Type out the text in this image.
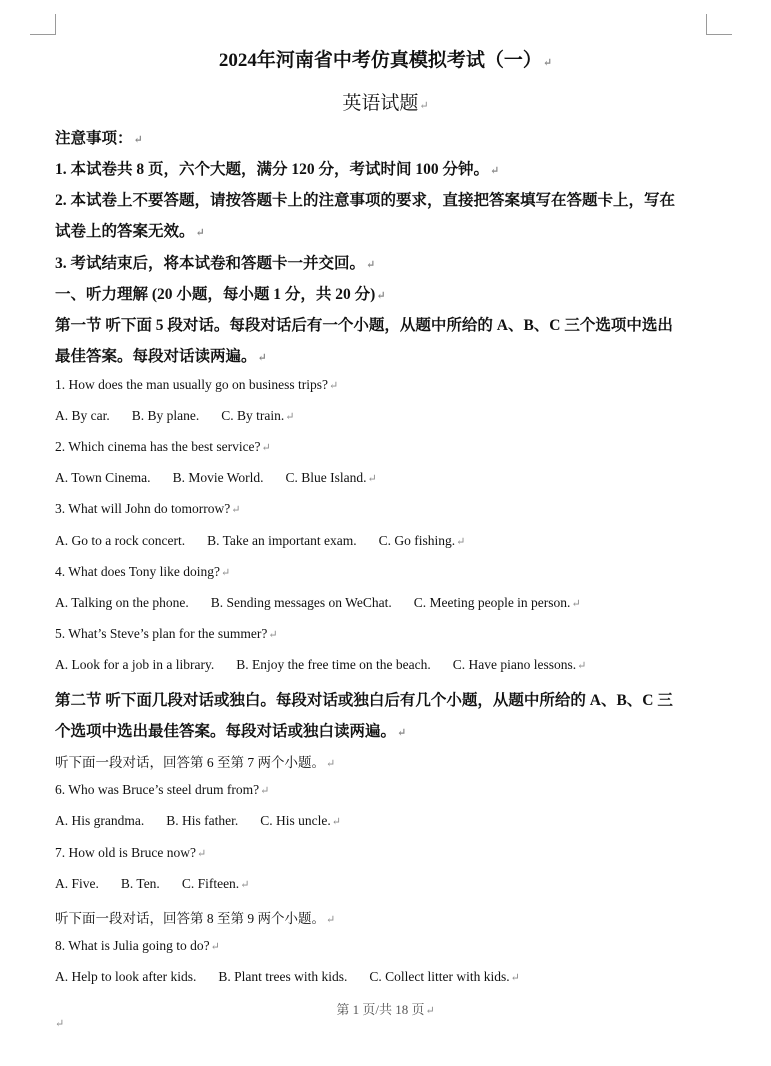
2024年河南省中考仿真模拟考试（一）↵
英语试题↵
注意事项：↵
1. 本试卷共 8 页，六个大题，满分 120 分，考试时间 100 分钟。↵
2. 本试卷上不要答题，请按答题卡上的注意事项的要求，直接把答案填写在答题卡上，写在
试卷上的答案无效。↵
3. 考试结束后，将本试卷和答题卡一并交回。↵
一、听力理解 (20 小题，每小题 1 分，共 20 分)↵
第一节 听下面 5 段对话。每段对话后有一个小题，从题中所给的 A、B、C 三个选项中选出
最佳答案。每段对话读两遍。↵
1. How does the man usually go on business trips?↵
A. By car. B. By plane. C. By train.↵
2. Which cinema has the best service?↵
A. Town Cinema. B. Movie World. C. Blue Island.↵
3. What will John do tomorrow?↵
A. Go to a rock concert. B. Take an important exam. C. Go fishing.↵
4. What does Tony like doing?↵
A. Talking on the phone. B. Sending messages on WeChat. C. Meeting people in person.↵
5. What’s Steve’s plan for the summer?↵
A. Look for a job in a library. B. Enjoy the free time on the beach. C. Have piano lessons.↵
第二节 听下面几段对话或独白。每段对话或独白后有几个小题，从题中所给的 A、B、C 三
个选项中选出最佳答案。每段对话或独白读两遍。↵
听下面一段对话，回答第 6 至第 7 两个小题。↵
6. Who was Bruce’s steel drum from?↵
A. His grandma. B. His father. C. His uncle.↵
7. How old is Bruce now?↵
A. Five. B. Ten. C. Fifteen.↵
听下面一段对话，回答第 8 至第 9 两个小题。↵
8. What is Julia going to do?↵
A. Help to look after kids. B. Plant trees with kids. C. Collect litter with kids.↵
第 1 页/共 18 页↵
↵
